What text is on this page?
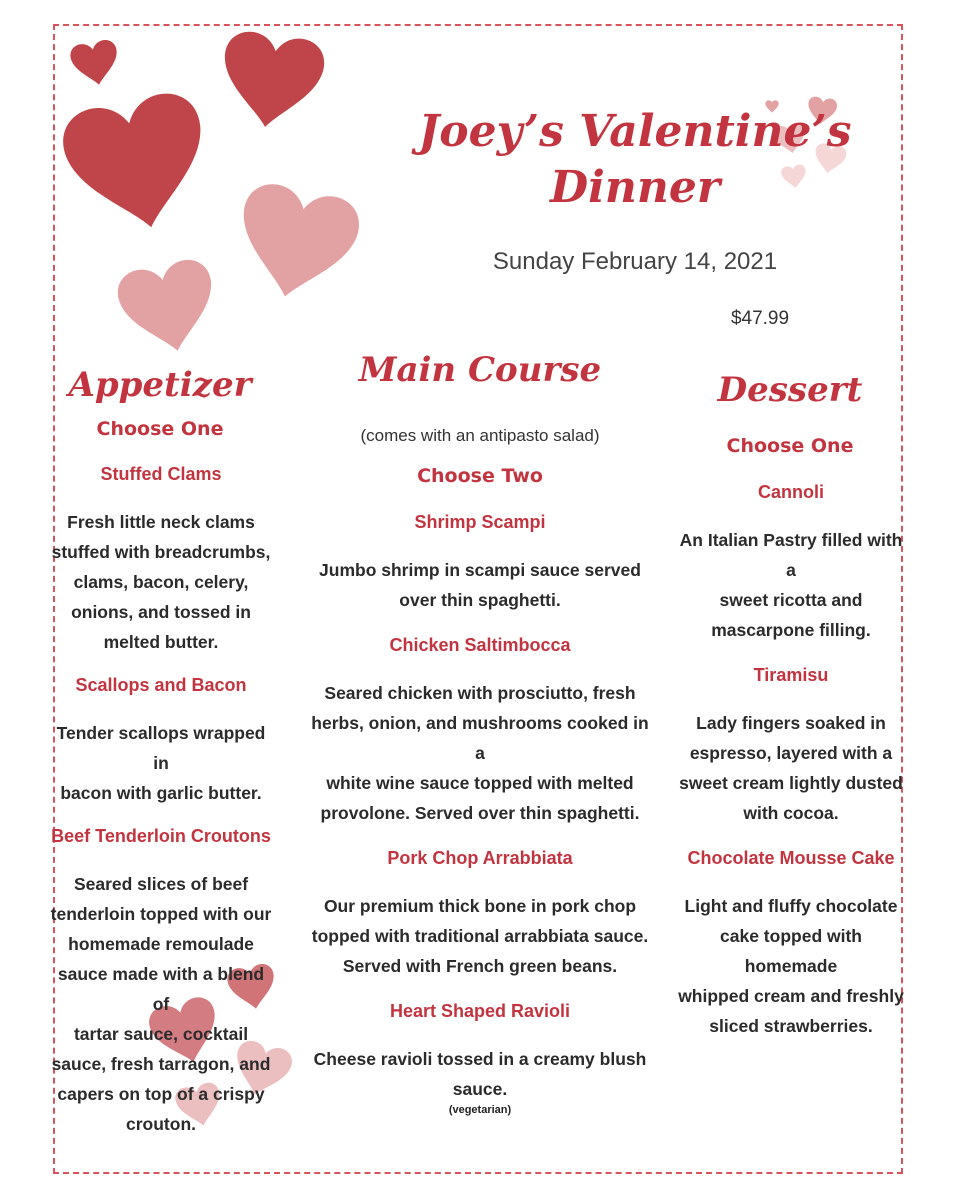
Joey’s Valentine’s
Dinner
Sunday February 14, 2021
$47.99
Appetizer
Choose One
Stuffed Clams
Fresh little neck clams
stuffed with breadcrumbs,
clams, bacon, celery,
onions, and tossed in
melted butter.
Scallops and Bacon
Tender scallops wrapped in
bacon with garlic butter.
Beef Tenderloin Croutons
Seared slices of beef
tenderloin topped with our
homemade remoulade
sauce made with a blend of
tartar sauce, cocktail
sauce, fresh tarragon, and
capers on top of a crispy
crouton.
Main Course
(comes with an antipasto salad)
Choose Two
Shrimp Scampi
Jumbo shrimp in scampi sauce served
over thin spaghetti.
Chicken Saltimbocca
Seared chicken with prosciutto, fresh
herbs, onion, and mushrooms cooked in a
white wine sauce topped with melted
provolone. Served over thin spaghetti.
Pork Chop Arrabbiata
Our premium thick bone in pork chop
topped with traditional arrabbiata sauce.
Served with French green beans.
Heart Shaped Ravioli
Cheese ravioli tossed in a creamy blush
sauce.
(vegetarian)
Dessert
Choose One
Cannoli
An Italian Pastry filled with a
sweet ricotta and
mascarpone filling.
Tiramisu
Lady fingers soaked in
espresso, layered with a
sweet cream lightly dusted
with cocoa.
Chocolate Mousse Cake
Light and fluffy chocolate
cake topped with homemade
whipped cream and freshly
sliced strawberries.
